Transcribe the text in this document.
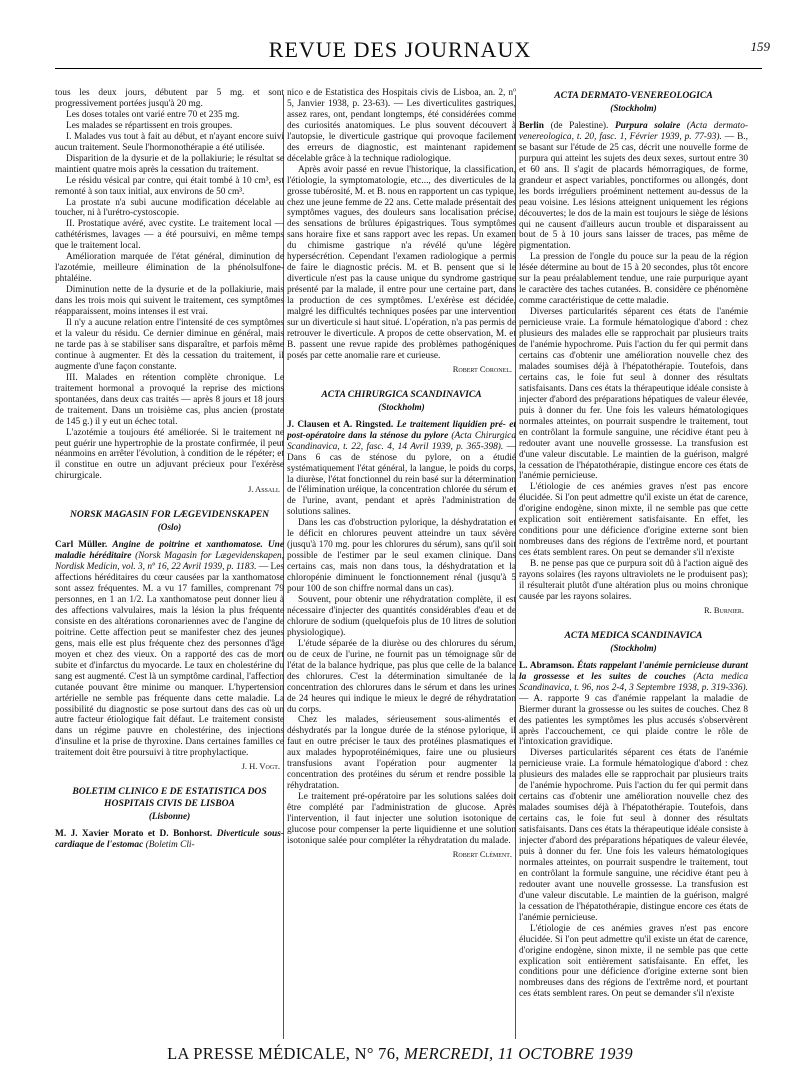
REVUE DES JOURNAUX	159

tous les deux jours, débutent par 5 mg. et sont progressivement portées jusqu'à 20 mg.

Les doses totales ont varié entre 70 et 235 mg.

Les malades se répartissent en trois groupes.

I. Malades vus tout à fait au début, et n'ayant encore suivi aucun traitement. Seule l'hormonothérapie a été utilisée.

Disparition de la dysurie et de la pollakiurie; le résultat se maintient quatre mois après la cessation du traitement.

Le résidu vésical par contre, qui était tombé à 10 cm³, est remonté à son taux initial, aux environs de 50 cm³.

La prostate n'a subi aucune modification décelable au toucher, ni à l'urétro-cystoscopie.

II. Prostatique avéré, avec cystite. Le traitement local — cathétérismes, lavages — a été poursuivi, en même temps que le traitement local.

Amélioration marquée de l'état général, diminution de l'azotémie, meilleure élimination de la phénolsulfone-phtaléine.

Diminution nette de la dysurie et de la pollakiurie, mais dans les trois mois qui suivent le traitement, ces symptômes réapparaissent, moins intenses il est vrai.

Il n'y a aucune relation entre l'intensité de ces symptômes et la valeur du résidu. Ce dernier diminue en général, mais ne tarde pas à se stabiliser sans disparaître, et parfois même continue à augmenter. Et dès la cessation du traitement, il augmente d'une façon constante.

III. Malades en rétention complète chronique. Le traitement hormonal a provoqué la reprise des mictions spontanées, dans deux cas traités — après 8 jours et 18 jours de traitement. Dans un troisième cas, plus ancien (prostate de 145 g.) il y eut un échec total.

L'azotémie a toujours été améliorée. Si le traitement ne peut guérir une hypertrophie de la prostate confirmée, il peut néanmoins en arrêter l'évolution, à condition de le répéter; et il constitue en outre un adjuvant précieux pour l'exérèse chirurgicale.

J. Assali.
NORSK MAGASIN FOR LÆGEVIDENSKAPEN
(Oslo)

Carl Müller. Angine de poitrine et xanthomatose. Une maladie héréditaire (Norsk Magasin for Lægevidenskapen, Nordisk Medicin, vol. 3, nº 16, 22 Avril 1939, p. 1183. — Les affections héréditaires du cœur causées par la xanthomatose sont assez fréquentes. M. a vu 17 familles, comprenant 79 personnes, en 1 an 1/2. La xanthomatose peut donner lieu à des affections valvulaires, mais la lésion la plus fréquente consiste en des altérations coronariennes avec de l'angine de poitrine. Cette affection peut se manifester chez des jeunes gens, mais elle est plus fréquente chez des personnes d'âge moyen et chez des vieux. On a rapporté des cas de mort subite et d'infarctus du myocarde. Le taux en cholestérine du sang est augmenté. C'est là un symptôme cardinal, l'affection cutanée pouvant être minime ou manquer. L'hypertension artérielle ne semble pas fréquente dans cette maladie. La possibilité du diagnostic se pose surtout dans des cas où un autre facteur étiologique fait défaut. Le traitement consiste dans un régime pauvre en cholestérine, des injections d'insuline et la prise de thyroxine. Dans certaines familles ce traitement doit être poursuivi à titre prophylactique.

J. H. Vogt.
BOLETIM CLINICO E DE ESTATISTICA DOS HOSPITAIS CIVIS DE LISBOA
(Lisbonne)

M. J. Xavier Morato et D. Bonhorst. Diverticule sous-cardiaque de l'estomac (Boletim Cli-

nico e de Estatistica des Hospitais civis de Lisboa, an. 2, nº 5, Janvier 1938, p. 23-63). — Les diverticulites gastriques, assez rares, ont, pendant longtemps, été considérées comme des curiosités anatomiques. Le plus souvent découvert à l'autopsie, le diverticule gastrique qui provoque facilement des erreurs de diagnostic, est maintenant rapidement décelable grâce à la technique radiologique.

Après avoir passé en revue l'historique, la classification, l'étiologie, la symptomatologie, etc..., des diverticules de la grosse tubérosité, M. et B. nous en rapportent un cas typique, chez une jeune femme de 22 ans. Cette malade présentait des symptômes vagues, des douleurs sans localisation précise, des sensations de brûlures épigastriques. Tous symptômes sans horaire fixe et sans rapport avec les repas. Un examen du chimisme gastrique n'a révélé qu'une légère hypersécrétion. Cependant l'examen radiologique a permis de faire le diagnostic précis. M. et B. pensent que si le diverticule n'est pas la cause unique du syndrome gastrique présenté par la malade, il entre pour une certaine part, dans la production de ces symptômes. L'exérèse est décidée, malgré les difficultés techniques posées par une intervention sur un diverticule si haut situé. L'opération, n'a pas permis de retrouver le diverticule. A propos de cette observation, M. et B. passent une revue rapide des problèmes pathogéniques posés par cette anomalie rare et curieuse.

Robert Coronel.
ACTA CHIRURGICA SCANDINAVICA
(Stockholm)

J. Clausen et A. Ringsted. Le traitement liquidien pré- et post-opératoire dans la sténose du pylore (Acta Chirurgica Scandinavica, t. 22, fasc. 4, 14 Avril 1939, p. 365-398). — Dans 6 cas de sténose du pylore, on a étudié systématiquement l'état général, la langue, le poids du corps, la diurèse, l'état fonctionnel du rein basé sur la détermination de l'élimination uréique, la concentration chlorée du sérum et de l'urine, avant, pendant et après l'administration de solutions salines.

Dans les cas d'obstruction pylorique, la déshydratation et le déficit en chlorures peuvent atteindre un taux sévère (jusqu'à 170 mg. pour les chlorures du sérum), sans qu'il soit possible de l'estimer par le seul examen clinique. Dans certains cas, mais non dans tous, la déshydratation et la chloropénie diminuent le fonctionnement rénal (jusqu'à 5 pour 100 de son chiffre normal dans un cas).

Souvent, pour obtenir une réhydratation complète, il est nécessaire d'injecter des quantités considérables d'eau et de chlorure de sodium (quelquefois plus de 10 litres de solution physiologique).

L'étude séparée de la diurèse ou des chlorures du sérum, ou de ceux de l'urine, ne fournit pas un témoignage sûr de l'état de la balance hydrique, pas plus que celle de la balance des chlorures. C'est la détermination simultanée de la concentration des chlorures dans le sérum et dans les urines de 24 heures qui indique le mieux le degré de réhydratation du corps.

Chez les malades, sérieusement sous-alimentés et déshydratés par la longue durée de la sténose pylorique, il faut en outre préciser le taux des protéines plasmatiques et aux malades hypoprotéinémiques, faire une ou plusieurs transfusions avant l'opération pour augmenter la concentration des protéines du sérum et rendre possible la réhydratation.

Le traitement pré-opératoire par les solutions salées doit être complété par l'administration de glucose. Après l'intervention, il faut injecter une solution isotonique de glucose pour compenser la perte liquidienne et une solution isotonique salée pour compléter la réhydratation du malade.

Robert Clément.
ACTA DERMATO-VENEREOLOGICA
(Stockholm)

Berlin (de Palestine). Purpura solaire (Acta dermato-venereologica, t. 20, fasc. 1, Février 1939, p. 77-93). — B., se basant sur l'étude de 25 cas, décrit une nouvelle forme de purpura qui atteint les sujets des deux sexes, surtout entre 30 et 60 ans. Il s'agit de placards hémorragiques, de forme, grandeur et aspect variables, ponctiformes ou allongés, dont les bords irréguliers proéminent nettement au-dessus de la peau voisine. Les lésions atteignent uniquement les régions découvertes; le dos de la main est toujours le siège de lésions qui ne causent d'ailleurs aucun trouble et disparaissent au bout de 5 à 10 jours sans laisser de traces, pas même de pigmentation.

La pression de l'ongle du pouce sur la peau de la région lésée détermine au bout de 15 à 20 secondes, plus tôt encore sur la peau préalablement tendue, une raie purpurique ayant le caractère des taches cutanées. B. considère ce phénomène comme caractéristique de cette maladie.

Diverses particularités séparent ces états de l'anémie pernicieuse vraie. La formule hématologique d'abord : chez plusieurs des malades elle se rapprochait par plusieurs traits de l'anémie hypochrome. Puis l'action du fer qui permit dans certains cas d'obtenir une amélioration nouvelle chez des malades soumises déjà à l'hépatothérapie. Toutefois, dans certains cas, le foie fut seul à donner des résultats satisfaisants. Dans ces états la thérapeutique idéale consiste à injecter d'abord des préparations hépatiques de valeur élevée, puis à donner du fer. Une fois les valeurs hématologiques normales atteintes, on pourrait suspendre le traitement, tout en contrôlant la formule sanguine, une récidive étant peu à redouter avant une nouvelle grossesse. La transfusion est d'une valeur discutable. Le maintien de la guérison, malgré la cessation de l'hépatothérapie, distingue encore ces états de l'anémie pernicieuse.

L'étiologie de ces anémies graves n'est pas encore élucidée. Si l'on peut admettre qu'il existe un état de carence, d'origine endogène, sinon mixte, il ne semble pas que cette explication soit entièrement satisfaisante. En effet, les conditions pour une déficience d'origine externe sont bien nombreuses dans des régions de l'extrême nord, et pourtant ces états semblent rares. On peut se demander s'il n'existe

B. ne pense pas que ce purpura soit dû à l'action aiguë des rayons solaires (les rayons ultraviolets ne le produisent pas); il résulterait plutôt d'une altération plus ou moins chronique causée par les rayons solaires.

R. Burnier.
ACTA MEDICA SCANDINAVICA
(Stockholm)

L. Abramson. États rappelant l'anémie pernicieuse durant la grossesse et les suites de couches (Acta medica Scandinavica, t. 96, nos 2-4, 3 Septembre 1938, p. 319-336). — A. rapporte 9 cas d'anémie rappelant la maladie de Biermer durant la grossesse ou les suites de couches. Chez 8 des patientes les symptômes les plus accusés s'observèrent après l'accouchement, ce qui plaide contre le rôle de l'intoxication gravidique.

Diverses particularités séparent ces états de l'anémie pernicieuse vraie. La formule hématologique d'abord : chez plusieurs des malades elle se rapprochait par plusieurs traits de l'anémie hypochrome. Puis l'action du fer qui permit dans certains cas d'obtenir une amélioration nouvelle chez des malades soumises déjà à l'hépatothérapie. Toutefois, dans certains cas, le foie fut seul à donner des résultats satisfaisants. Dans ces états la thérapeutique idéale consiste à injecter d'abord des préparations hépatiques de valeur élevée, puis à donner du fer. Une fois les valeurs hématologiques normales atteintes, on pourrait suspendre le traitement, tout en contrôlant la formule sanguine, une récidive étant peu à redouter avant une nouvelle grossesse. La transfusion est d'une valeur discutable. Le maintien de la guérison, malgré la cessation de l'hépatothérapie, distingue encore ces états de l'anémie pernicieuse.

L'étiologie de ces anémies graves n'est pas encore élucidée. Si l'on peut admettre qu'il existe un état de carence, d'origine endogène, sinon mixte, il ne semble pas que cette explication soit entièrement satisfaisante. En effet, les conditions pour une déficience d'origine externe sont bien nombreuses dans des régions de l'extrême nord, et pourtant ces états semblent rares. On peut se demander s'il n'existe

LA PRESSE MÉDICALE, N° 76, MERCREDI, 11 OCTOBRE 1939
